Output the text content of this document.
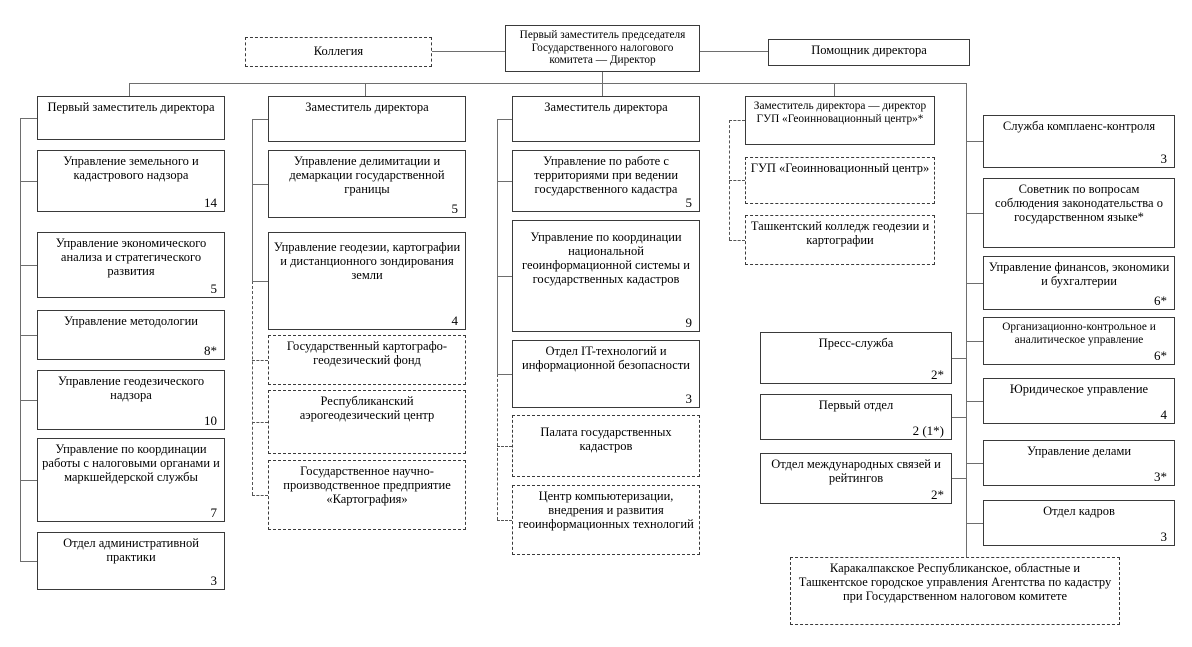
Коллегия
Первый заместитель председателя Государственного налогового комитета — Директор
Помощник директора
Первый заместитель директора
Управление земельного и кадастрового надзора
14
Управление экономического анализа и стратегического развития
5
Управление методологии
8*
Управление геодезического надзора
10
Управление по координации работы с налоговыми органами и маркшейдерской службы
7
Отдел административной практики
3
Заместитель директора
Управление делимитации и демаркации государственной границы
5
Управление геодезии, картографии и дистанционного зондирования земли
4
Государственный картографо-геодезический фонд
Республиканский аэрогеодезический центр
Государственное научно-производственное предприятие «Картография»
Заместитель директора
Управление по работе с территориями при ведении государственного кадастра
5
Управление по координации национальной геоинформационной системы и государственных кадастров
9
Отдел IT-технологий и информационной безопасности
3
Палата государственных кадастров
Центр компьютеризации, внедрения и развития геоинформационных технологий
Заместитель директора — директор ГУП «Геоинновационный центр»*
ГУП «Геоинновационный центр»
Ташкентский колледж геодезии и картографии
Пресс-служба
2*
Первый отдел
2 (1*)
Отдел международных связей и рейтингов
2*
Служба комплаенс-контроля
3
Советник по вопросам соблюдения законодательства о государственном языке*
Управление финансов, экономики и бухгалтерии
6*
Организационно-контрольное и аналитическое управление
6*
Юридическое управление
4
Управление делами
3*
Отдел кадров
3
Каракалпакское Республиканское, областные и Ташкентское городское управления Агентства по кадастру при Государственном налоговом комитете
